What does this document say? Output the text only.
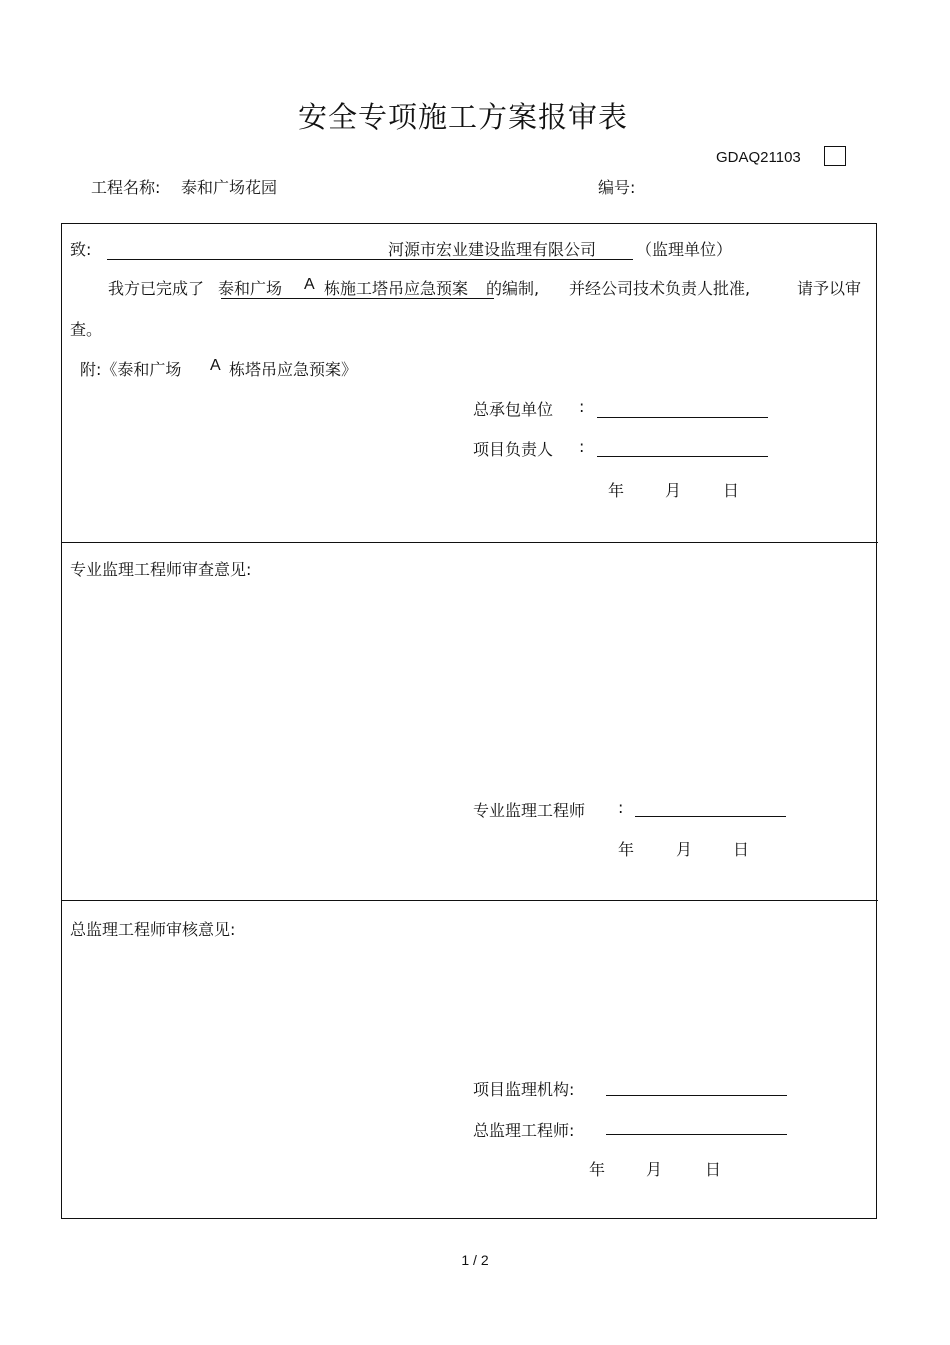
安全专项施工方案报审表
GDAQ21103
工程名称: 泰和广场花园	编号:
致:	河源市宏业建设监理有限公司 （监理单位）
我方已完成了 泰和广场 A 栋施工塔吊应急预案 的编制, 并经公司技术负责人批准,	请予以审
查。
附:《泰和广场 A 栋塔吊应急预案》
总承包单位 :
项目负责人 :
年	月	日
专业监理工程师审查意见:
专业监理工程师 :
年	月	日
总监理工程师审核意见:
项目监理机构:
总监理工程师:
年	月	日
1 / 2
